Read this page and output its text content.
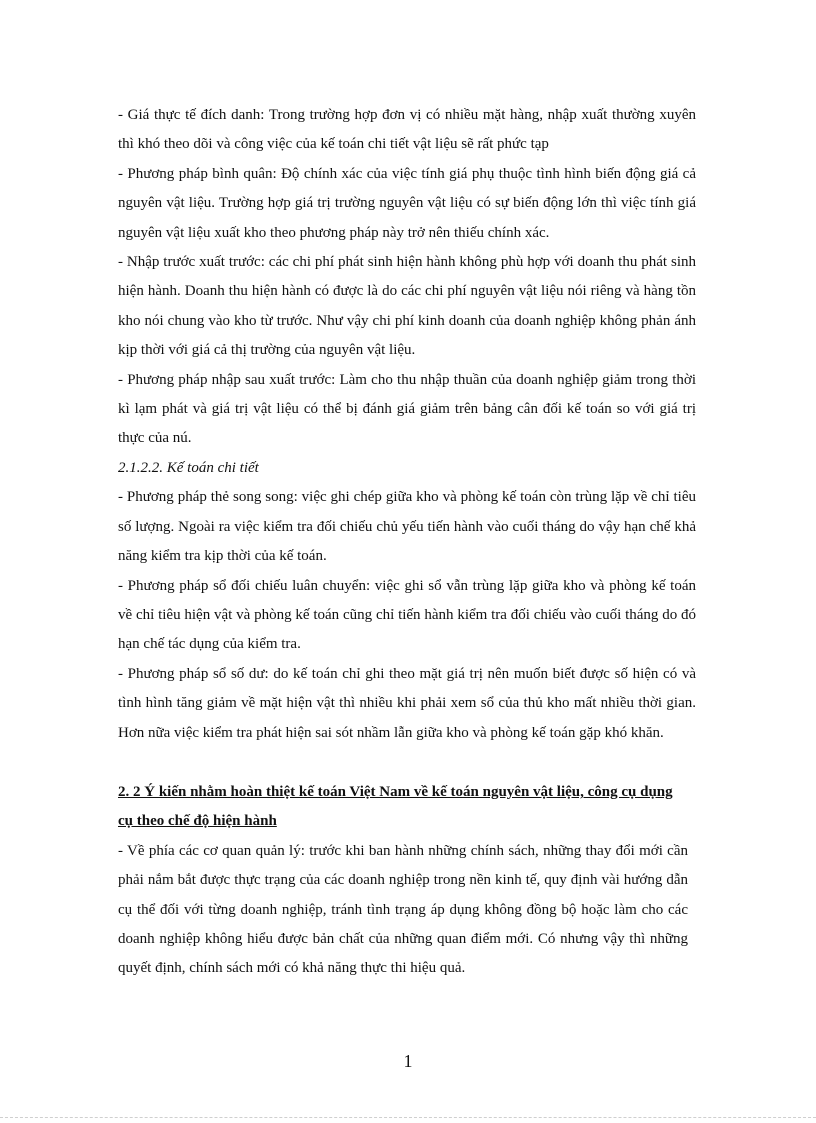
- Giá thực tế đích danh: Trong trường hợp đơn vị có nhiều mặt hàng, nhập xuất thường xuyên thì khó theo dõi và công việc của kế toán chi tiết vật liệu sẽ rất phức tạp

- Phương pháp bình quân: Độ chính xác của việc tính giá phụ thuộc tình hình biến động giá cả nguyên vật liệu. Trường hợp giá trị trường nguyên vật liệu có sự biến động lớn thì việc tính giá nguyên vật liệu xuất kho theo phương pháp này trở nên thiếu chính xác.

- Nhập trước xuất trước: các chi phí phát sinh hiện hành không phù hợp với doanh thu phát sinh hiện hành. Doanh thu hiện hành có được là do các chi phí nguyên vật liệu nói riêng và hàng tồn kho nói chung vào kho từ trước. Như vậy chi phí kinh doanh của doanh nghiệp không phản ánh kịp thời với giá cả thị trường của nguyên vật liệu.

- Phương pháp nhập sau xuất trước: Làm cho thu nhập thuần của doanh nghiệp giảm trong thời kì lạm phát và giá trị vật liệu có thể bị đánh giá giảm trên bảng cân đối kế toán so với giá trị thực của nú.

2.1.2.2. Kế toán chi tiết

- Phương pháp thẻ song song: việc ghi chép giữa kho và phòng kế toán còn trùng lặp về chỉ tiêu số lượng. Ngoài ra việc kiểm tra đối chiếu chủ yếu tiến hành vào cuối tháng do vậy hạn chế khả năng kiểm tra kịp thời của kế toán.

- Phương pháp sổ đối chiếu luân chuyển: việc ghi sổ vẫn trùng lặp giữa kho và phòng kế toán về chỉ tiêu hiện vật và phòng kế toán cũng chỉ tiến hành kiểm tra đối chiếu vào cuối tháng do đó hạn chế tác dụng của kiểm tra.

- Phương pháp sổ số dư: do kế toán chỉ ghi theo mặt giá trị nên muốn biết được số hiện có và tình hình tăng giảm về mặt hiện vật thì nhiều khi phải xem sổ của thủ kho mất nhiều thời gian. Hơn nữa việc kiểm tra phát hiện sai sót nhầm lẫn giữa kho và phòng kế toán gặp khó khăn.

2. 2 Ý kiến nhằm hoàn thiệt kế toán Việt Nam về kế toán nguyên vật liệu, công cụ dụng cụ theo chế độ hiện hành

- Về phía các cơ quan quản lý: trước khi ban hành những chính sách, những thay đổi mới cần phải nắm bắt được thực trạng của các doanh nghiệp trong nền kinh tế, quy định vài hướng dẫn cụ thể đối với từng doanh nghiệp, tránh tình trạng áp dụng không đồng bộ hoặc làm cho các doanh nghiệp không hiểu được bản chất của những quan điểm mới. Có nhưng vậy thì những quyết định, chính sách mới có khả năng thực thi hiệu quả.

1
